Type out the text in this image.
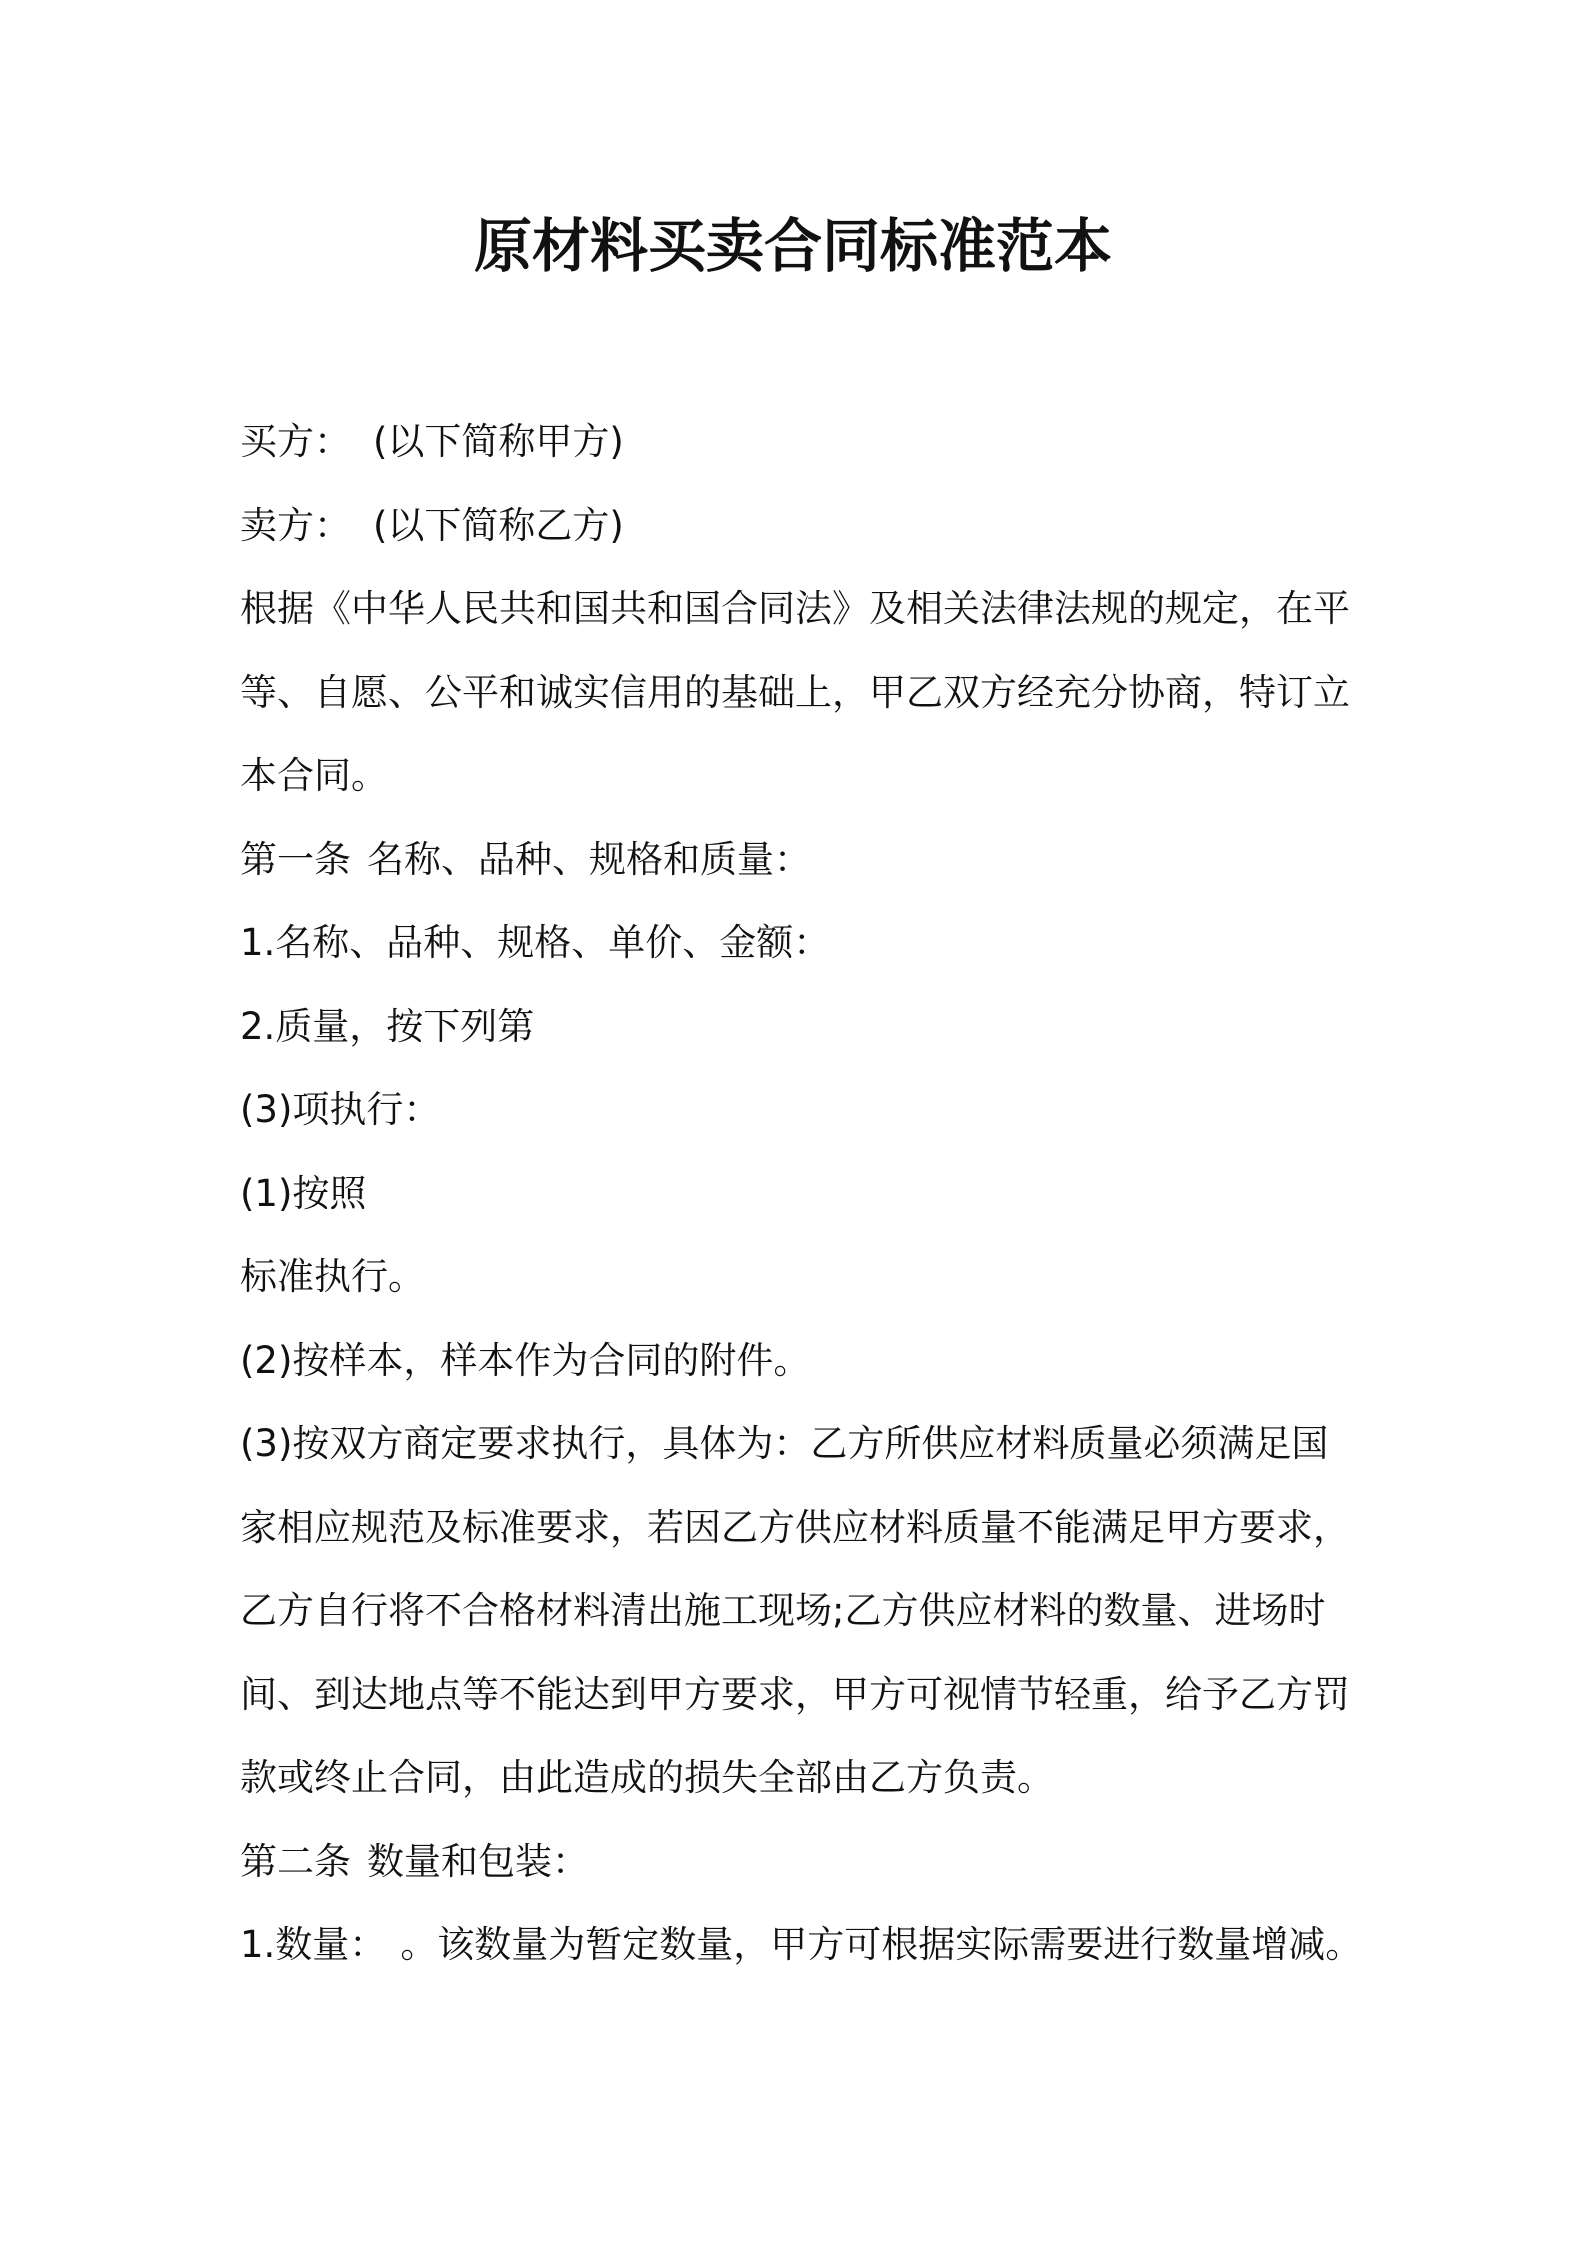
原材料买卖合同标准范本

买方： (以下简称甲方)

卖方： (以下简称乙方)

根据《中华人民共和国共和国合同法》及相关法律法规的规定，在平

等、自愿、公平和诚实信用的基础上，甲乙双方经充分协商，特订立

本合同。

第一条 名称、品种、规格和质量：

1.名称、品种、规格、单价、金额：

2.质量，按下列第

(3)项执行：

(1)按照

标准执行。

(2)按样本，样本作为合同的附件。

(3)按双方商定要求执行，具体为：乙方所供应材料质量必须满足国

家相应规范及标准要求，若因乙方供应材料质量不能满足甲方要求，

乙方自行将不合格材料清出施工现场;乙方供应材料的数量、进场时

间、到达地点等不能达到甲方要求，甲方可视情节轻重，给予乙方罚

款或终止合同，由此造成的损失全部由乙方负责。

第二条 数量和包装：

1.数量： 。该数量为暂定数量，甲方可根据实际需要进行数量增减。
